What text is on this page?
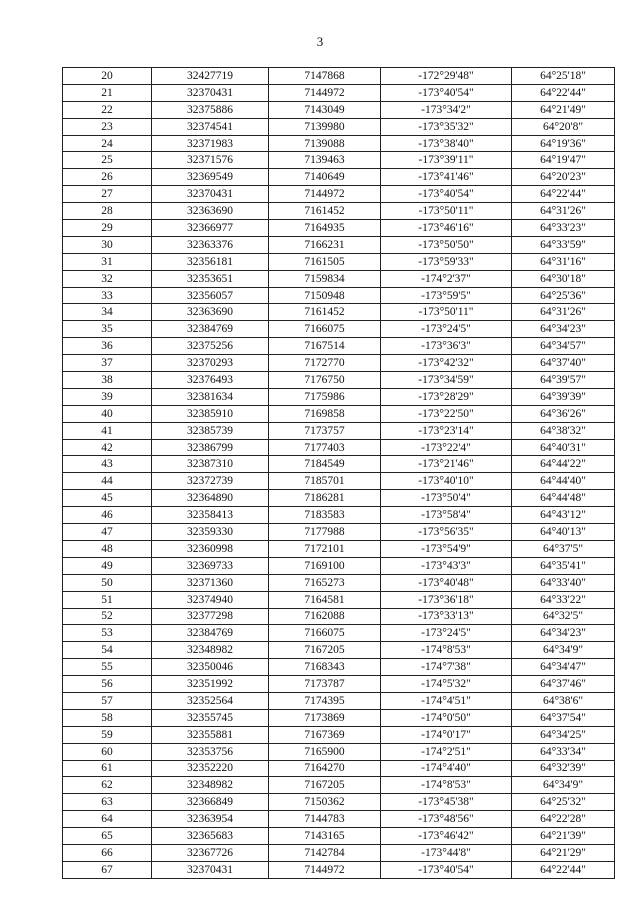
3
20	32427719	7147868	-172°29'48"	64°25'18"
21	32370431	7144972	-173°40'54"	64°22'44"
22	32375886	7143049	-173°34'2"	64°21'49"
23	32374541	7139980	-173°35'32"	64°20'8"
24	32371983	7139088	-173°38'40"	64°19'36"
25	32371576	7139463	-173°39'11"	64°19'47"
26	32369549	7140649	-173°41'46"	64°20'23"
27	32370431	7144972	-173°40'54"	64°22'44"
28	32363690	7161452	-173°50'11"	64°31'26"
29	32366977	7164935	-173°46'16"	64°33'23"
30	32363376	7166231	-173°50'50"	64°33'59"
31	32356181	7161505	-173°59'33"	64°31'16"
32	32353651	7159834	-174°2'37"	64°30'18"
33	32356057	7150948	-173°59'5"	64°25'36"
34	32363690	7161452	-173°50'11"	64°31'26"
35	32384769	7166075	-173°24'5"	64°34'23"
36	32375256	7167514	-173°36'3"	64°34'57"
37	32370293	7172770	-173°42'32"	64°37'40"
38	32376493	7176750	-173°34'59"	64°39'57"
39	32381634	7175986	-173°28'29"	64°39'39"
40	32385910	7169858	-173°22'50"	64°36'26"
41	32385739	7173757	-173°23'14"	64°38'32"
42	32386799	7177403	-173°22'4"	64°40'31"
43	32387310	7184549	-173°21'46"	64°44'22"
44	32372739	7185701	-173°40'10"	64°44'40"
45	32364890	7186281	-173°50'4"	64°44'48"
46	32358413	7183583	-173°58'4"	64°43'12"
47	32359330	7177988	-173°56'35"	64°40'13"
48	32360998	7172101	-173°54'9"	64°37'5"
49	32369733	7169100	-173°43'3"	64°35'41"
50	32371360	7165273	-173°40'48"	64°33'40"
51	32374940	7164581	-173°36'18"	64°33'22"
52	32377298	7162088	-173°33'13"	64°32'5"
53	32384769	7166075	-173°24'5"	64°34'23"
54	32348982	7167205	-174°8'53"	64°34'9"
55	32350046	7168343	-174°7'38"	64°34'47"
56	32351992	7173787	-174°5'32"	64°37'46"
57	32352564	7174395	-174°4'51"	64°38'6"
58	32355745	7173869	-174°0'50"	64°37'54"
59	32355881	7167369	-174°0'17"	64°34'25"
60	32353756	7165900	-174°2'51"	64°33'34"
61	32352220	7164270	-174°4'40"	64°32'39"
62	32348982	7167205	-174°8'53"	64°34'9"
63	32366849	7150362	-173°45'38"	64°25'32"
64	32363954	7144783	-173°48'56"	64°22'28"
65	32365683	7143165	-173°46'42"	64°21'39"
66	32367726	7142784	-173°44'8"	64°21'29"
67	32370431	7144972	-173°40'54"	64°22'44"
